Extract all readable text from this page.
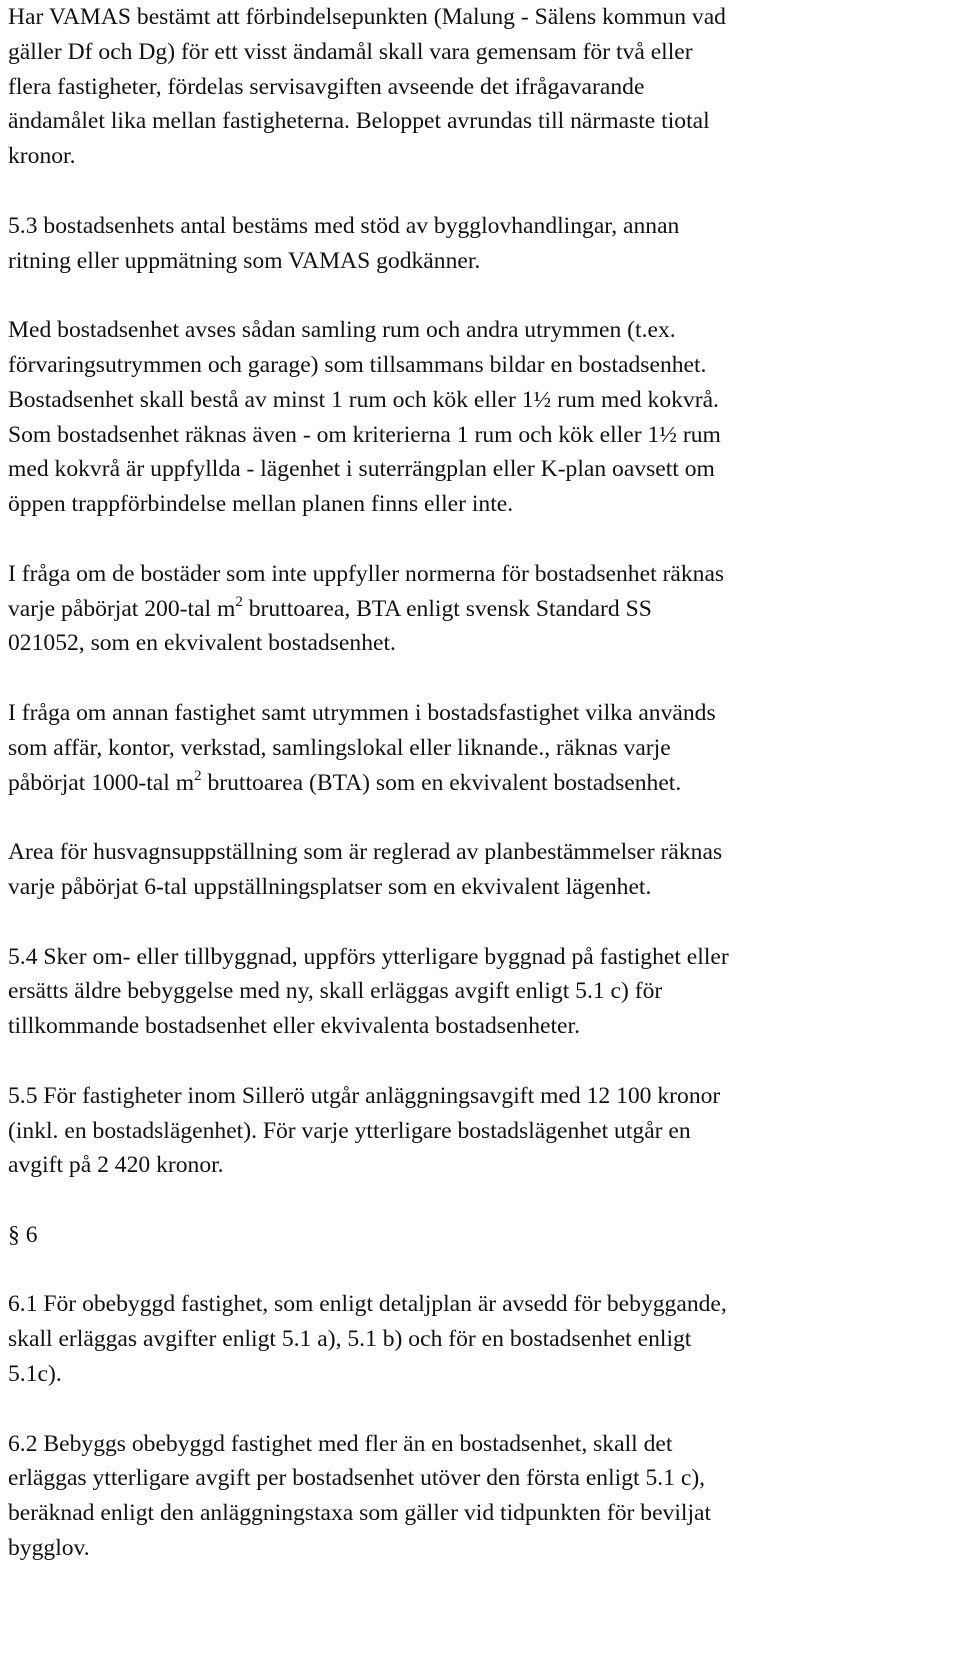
Har VAMAS bestämt att förbindelsepunkten (Malung - Sälens kommun vad
gäller Df och Dg) för ett visst ändamål skall vara gemensam för två eller
flera fastigheter, fördelas servisavgiften avseende det ifrågavarande
ändamålet lika mellan fastigheterna. Beloppet avrundas till närmaste tiotal
kronor.
5.3 bostadsenhets antal bestäms med stöd av bygglovhandlingar, annan
ritning eller uppmätning som VAMAS godkänner.
Med bostadsenhet avses sådan samling rum och andra utrymmen (t.ex.
förvaringsutrymmen och garage) som tillsammans bildar en bostadsenhet.
Bostadsenhet skall bestå av minst 1 rum och kök eller 1½ rum med kokvrå.
Som bostadsenhet räknas även - om kriterierna 1 rum och kök eller 1½ rum
med kokvrå är uppfyllda - lägenhet i suterrängplan eller K-plan oavsett om
öppen trappförbindelse mellan planen finns eller inte.
I fråga om de bostäder som inte uppfyller normerna för bostadsenhet räknas
varje påbörjat 200-tal $m^2$ bruttoarea, BTA enligt svensk Standard SS
021052, som en ekvivalent bostadsenhet.
I fråga om annan fastighet samt utrymmen i bostadsfastighet vilka används
som affär, kontor, verkstad, samlingslokal eller liknande., räknas varje
påbörjat 1000-tal $m^2$ bruttoarea (BTA) som en ekvivalent bostadsenhet.
Area för husvagnsuppställning som är reglerad av planbestämmelser räknas
varje påbörjat 6-tal uppställningsplatser som en ekvivalent lägenhet.
5.4 Sker om- eller tillbyggnad, uppförs ytterligare byggnad på fastighet eller
ersätts äldre bebyggelse med ny, skall erläggas avgift enligt 5.1 c) för
tillkommande bostadsenhet eller ekvivalenta bostadsenheter.
5.5 För fastigheter inom Sillerö utgår anläggningsavgift med 12 100 kronor
(inkl. en bostadslägenhet). För varje ytterligare bostadslägenhet utgår en
avgift på 2 420 kronor.
§ 6
6.1 För obebyggd fastighet, som enligt detaljplan är avsedd för bebyggande,
skall erläggas avgifter enligt 5.1 a), 5.1 b) och för en bostadsenhet enligt
5.1c).
6.2 Bebyggs obebyggd fastighet med fler än en bostadsenhet, skall det
erläggas ytterligare avgift per bostadsenhet utöver den första enligt 5.1 c),
beräknad enligt den anläggningstaxa som gäller vid tidpunkten för beviljat
bygglov.
